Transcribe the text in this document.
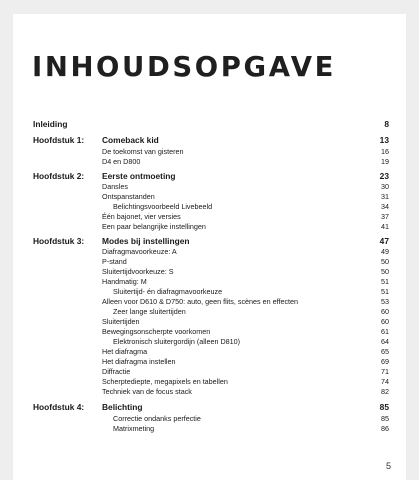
INHOUDSOPGAVE
Inleiding	8
Hoofdstuk 1: Comeback kid	13
De toekomst van gisteren	16
D4 en D800	19
Hoofdstuk 2: Eerste ontmoeting	23
Dansles	30
Ontspanstanden	31
Belichtingsvoorbeeld Livebeeld	34
Één bajonet, vier versies	37
Een paar belangrijke instellingen	41
Hoofdstuk 3: Modes bij instellingen	47
Diafragmavoorkeuze: A	49
P-stand	50
Sluitertijdvoorkeuze: S	50
Handmatig: M	51
Sluitertijd- én diafragmavoorkeuze	51
Alleen voor D610 & D750: auto, geen flits, scènes en effecten	53
Zeer lange sluitertijden	60
Sluitertijden	60
Bewegingsonscherpte voorkomen	61
Elektronisch sluitergordijn (alleen D810)	64
Het diafragma	65
Het diafragma instellen	69
Diffractie	71
Scherptediepte, megapixels en tabellen	74
Techniek van de focus stack	82
Hoofdstuk 4: Belichting	85
Correctie ondanks perfectie	85
Matrixmeting	86
5
